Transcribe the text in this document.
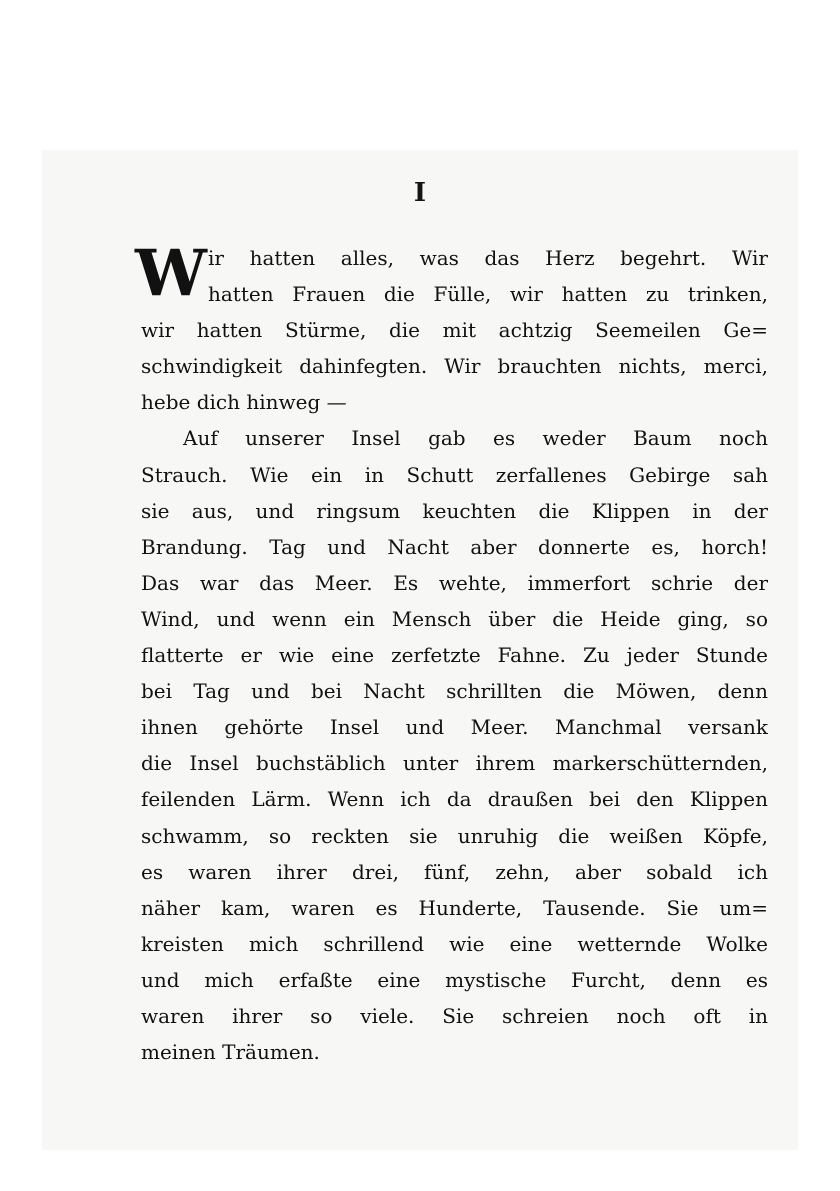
I
W ir hatten alles, was das Herz begehrt. Wir
hatten Frauen die Fülle, wir hatten zu trinken,
wir hatten Stürme, die mit achtzig Seemeilen Ge=
schwindigkeit dahinfegten. Wir brauchten nichts, merci,
hebe dich hinweg —
Auf unserer Insel gab es weder Baum noch
Strauch. Wie ein in Schutt zerfallenes Gebirge sah
sie aus, und ringsum keuchten die Klippen in der
Brandung. Tag und Nacht aber donnerte es, horch!
Das war das Meer. Es wehte, immerfort schrie der
Wind, und wenn ein Mensch über die Heide ging, so
flatterte er wie eine zerfetzte Fahne. Zu jeder Stunde
bei Tag und bei Nacht schrillten die Möwen, denn
ihnen gehörte Insel und Meer. Manchmal versank
die Insel buchstäblich unter ihrem markerschütternden,
feilenden Lärm. Wenn ich da draußen bei den Klippen
schwamm, so reckten sie unruhig die weißen Köpfe,
es waren ihrer drei, fünf, zehn, aber sobald ich
näher kam, waren es Hunderte, Tausende. Sie um=
kreisten mich schrillend wie eine wetternde Wolke
und mich erfaßte eine mystische Furcht, denn es
waren ihrer so viele. Sie schreien noch oft in
meinen Träumen.
